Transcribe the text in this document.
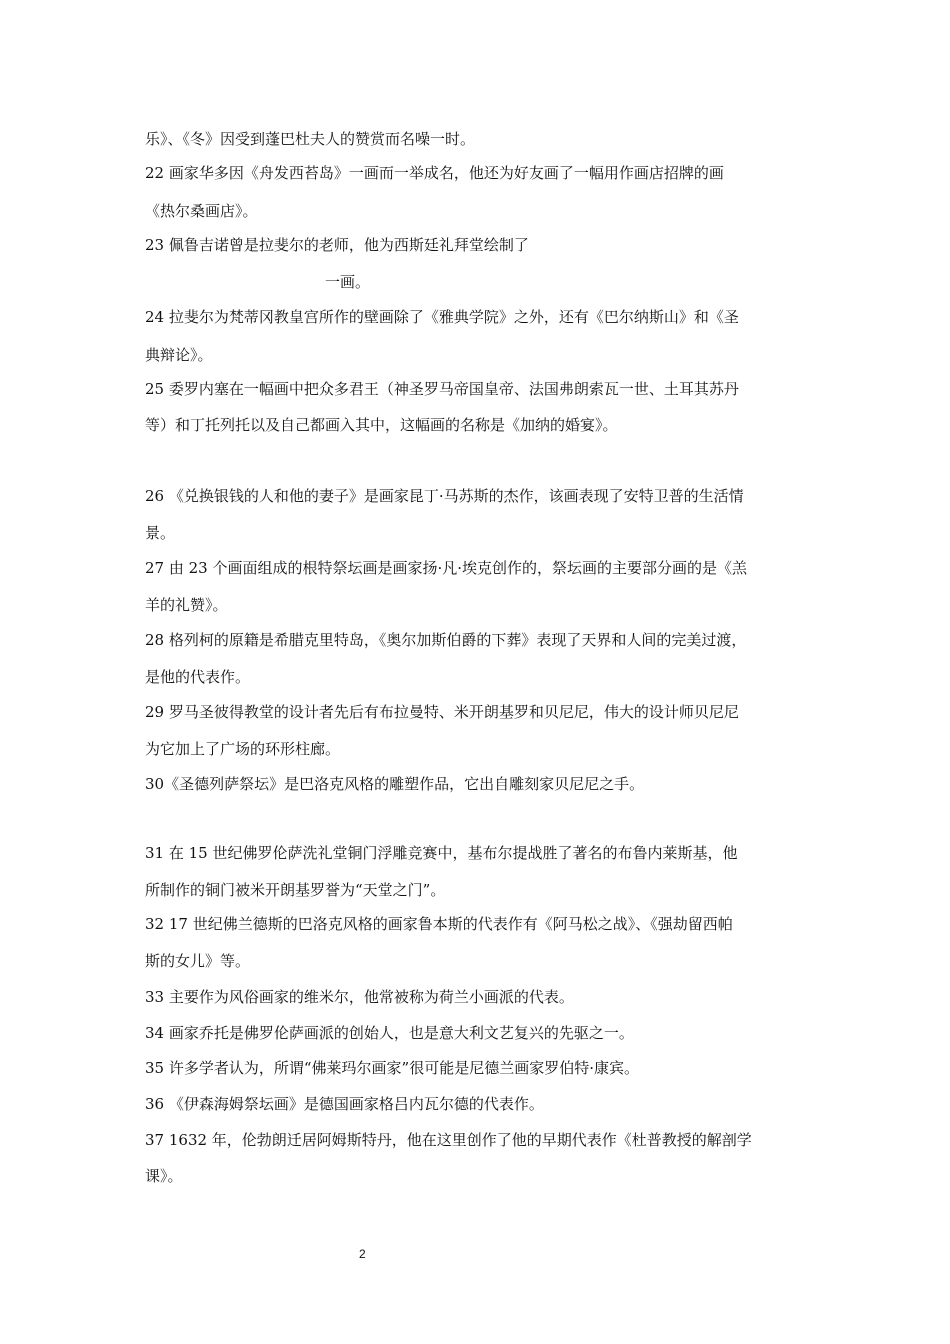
乐》、《冬》因受到蓬巴杜夫人的赞赏而名噪一时。
22 画家华多因《舟发西苔岛》一画而一举成名，他还为好友画了一幅用作画店招牌的画
《热尔桑画店》。
23 佩鲁吉诺曾是拉斐尔的老师，他为西斯廷礼拜堂绘制了
一画。
24 拉斐尔为梵蒂冈教皇宫所作的壁画除了《雅典学院》之外，还有《巴尔纳斯山》和《圣
典辩论》。
25 委罗内塞在一幅画中把众多君王（神圣罗马帝国皇帝、法国弗朗索瓦一世、土耳其苏丹
等）和丁托列托以及自己都画入其中，这幅画的名称是《加纳的婚宴》。
26 《兑换银钱的人和他的妻子》是画家昆丁·马苏斯的杰作，该画表现了安特卫普的生活情
景。
27 由 23 个画面组成的根特祭坛画是画家扬·凡·埃克创作的，祭坛画的主要部分画的是《羔
羊的礼赞》。
28 格列柯的原籍是希腊克里特岛，《奥尔加斯伯爵的下葬》表现了天界和人间的完美过渡，
是他的代表作。
29 罗马圣彼得教堂的设计者先后有布拉曼特、米开朗基罗和贝尼尼，伟大的设计师贝尼尼
为它加上了广场的环形柱廊。
30《圣德列萨祭坛》是巴洛克风格的雕塑作品，它出自雕刻家贝尼尼之手。
31 在 15 世纪佛罗伦萨洗礼堂铜门浮雕竞赛中，基布尔提战胜了著名的布鲁内莱斯基，他
所制作的铜门被米开朗基罗誉为“天堂之门”。
32 17 世纪佛兰德斯的巴洛克风格的画家鲁本斯的代表作有《阿马松之战》、《强劫留西帕
斯的女儿》等。
33 主要作为风俗画家的维米尔，他常被称为荷兰小画派的代表。
34 画家乔托是佛罗伦萨画派的创始人，也是意大利文艺复兴的先驱之一。
35 许多学者认为，所谓“佛莱玛尔画家”很可能是尼德兰画家罗伯特·康宾。
36 《伊森海姆祭坛画》是德国画家格吕内瓦尔德的代表作。
37 1632 年，伦勃朗迁居阿姆斯特丹，他在这里创作了他的早期代表作《杜普教授的解剖学
课》。
2
